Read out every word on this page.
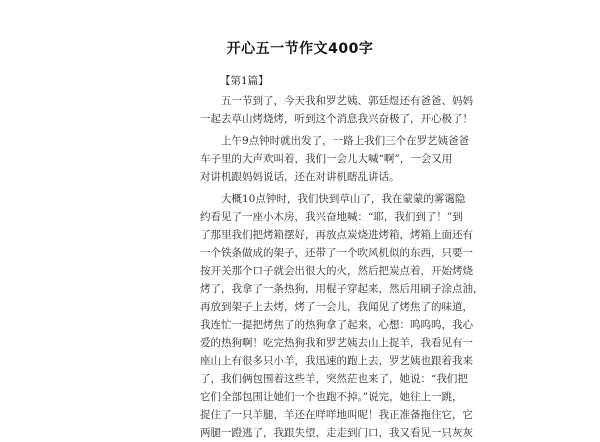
开心五一节作文400字
【第1篇】
五一节到了，今天我和罗艺姨、郭廷煜还有爸爸、妈妈
一起去草山烤烧烤，听到这个消息我兴奋极了，开心极了！
上午9点钟时就出发了，一路上我们三个在罗艺姨爸爸
车子里的大声欢叫着，我们一会儿大喊“啊”，一会又用
对讲机跟妈妈说话，还在对讲机瞎乱讲话。
大概10点钟时，我们快到草山了，我在蒙蒙的雾霭隐
约看见了一座小木房，我兴奋地喊：“耶，我们到了！”到
了那里我们把烤箱摆好，再放点炭烧进烤箱，烤箱上面还有
一个铁条做成的架子，还带了一个吹风机似的东西，只要一
按开关那个口子就会出很大的火，然后把炭点着，开始烤烧
烤了，我拿了一条热狗，用棍子穿起来，然后用刷子涂点油，
再放到架子上去烤，烤了一会儿，我闻见了烤焦了的味道，
我连忙一提把烤焦了的热狗拿了起来，心想：呜呜呜，我心
爱的热狗啊！吃完热狗我和罗艺姨去山上捉羊，我看见有一
座山上有很多只小羊，我迅速的跑上去，罗艺姨也跟着我来
了，我们俩包围着这些羊，突然茫也来了，她说：“我们把
它们全部包围让她们一个也跑不掉。”说完，她往上一跳，
捉住了一只羊腿，羊还在咩咩地叫呢！我正准备拖住它，它
两腿一蹬逃了，我跟失望，走走到门口，我又看见一只灰灰
